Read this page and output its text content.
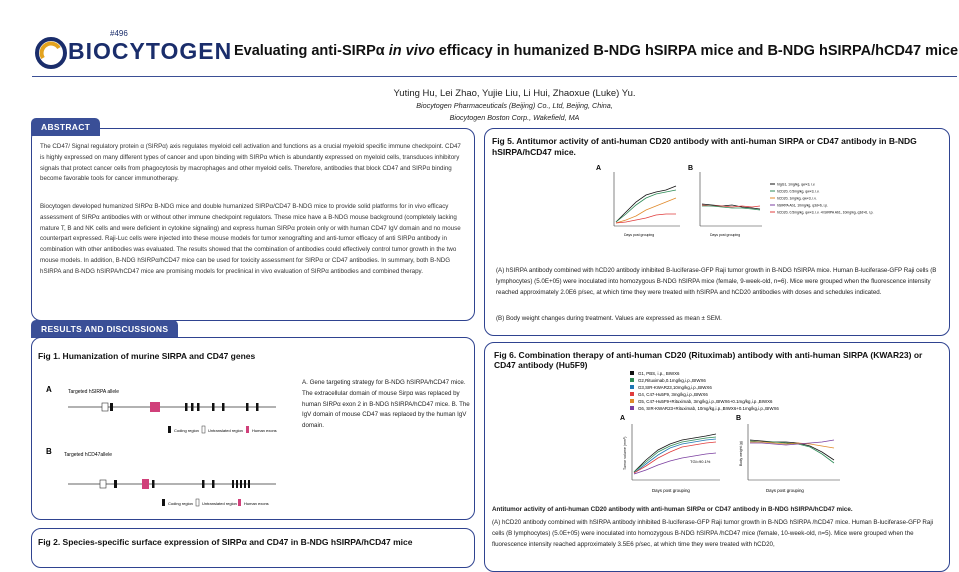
#496
BIOCYTOGEN Evaluating anti-SIRPα in vivo efficacy in humanized B-NDG hSIRPA mice and B-NDG hSIRPA/hCD47 mice
Yuting Hu, Lei Zhao, Yujie Liu, Li Hui, Zhaoxue (Luke) Yu.
Biocytogen Pharmaceuticals (Beijing) Co., Ltd, Beijing, China,
Biocytogen Boston Corp., Wakefield, MA
ABSTRACT
The CD47/ Signal regulatory protein α (SIRPα) axis regulates myeloid cell activation and functions as a crucial myeloid specific immune checkpoint. CD47 is highly expressed on many different types of cancer and upon binding with SIRPα which is abundantly expressed on myeloid cells, transduces inhibitory signals that protect cancer cells from phagocytosis by macrophages and other myeloid cells. Therefore, antibodies that block CD47 and SIRPα binding become favorable tools for cancer immunotherapy.
Biocytogen developed humanized SIRPα B-NDG mice and double humanized SIRPα/CD47 B-NDG mice to provide solid platforms for in vivo efficacy assessment of SIRPα antibodies with or without other immune checkpoint regulators. These mice have a B-NDG mouse background (completely lacking mature T, B and NK cells and were deficient in cytokine signaling) and express human SIRPα protein only or with human CD47 IgV domain and no mouse counterpart expressed. Raji-Luc cells were injected into these mouse models for tumor xenografting and anti-tumor efficacy of anti SIRPα antibody in combination with other antibodies was evaluated. The results showed that the combination of antibodies could effectively control tumor growth in the two mouse models. In addition, B-NDG hSIRPα/hCD47 mice can be used for toxicity assessment for SIRPα or CD47 antibodies. In summary, both B-NDG hSIRPA and B-NDG hSIRPA/hCD47 mice are promising models for preclinical in vivo evaluation of SIRPα antibodies and combined therapy.
RESULTS AND DISCUSSIONS
Fig 1. Humanization of murine SIRPA and CD47 genes
A	Targeted hSIRPA allele
Coding region Untranslated region Human exons
B Targeted hCD47allele
Coding region Untranslated region Human exons
A. Gene targeting strategy for B-NDG hSIRPA/hCD47 mice. The extracellular domain of mouse Sirpα was replaced by human SIRPα exon 2 in B-NDG hSIRPA/hCD47 mice. B. The IgV domain of mouse CD47 was replaced by the human IgV domain.
Fig 2. Species-specific surface expression of SIRPα and CD47 in B-NDG hSIRPA/hCD47 mice
Fig 5. Antitumor activity of anti-human CD20 antibody with anti-human SIRPA or CD47 antibody in B-NDG hSIRPA/hCD47 mice.
A
Days post grouping
B
Days post grouping
hIgG1, 1mg/kg, qw×3, i.v.
hCD20, 0.5mg/kg, qw×3, i.v.
hCD20, 1mg/kg, qw×3, i.v.
hSIRPA Ab1, 10mg/kg, q3d×6, i.p.
hCD20, 0.5mg/kg, qw×3, i.v. +hSIRPA Ab1, 10mg/kg, q3d×6, i.p.
(A) hSIRPA antibody combined with hCD20 antibody inhibited B-luciferase-GFP Raji tumor growth in B-NDG hSIRPA mice. Human B-luciferase-GFP Raji cells (B lymphocytes) (5.0E+05) were inoculated into homozygous B-NDG hSIRPA mice (female, 9-week-old, n=6). Mice were grouped when the fluorescence intensity reached approximately 2.0E6 p/sec, at which time they were treated with hSIRPA and hCD20 antibodies with doses and schedules indicated.
(B) Body weight changes during treatment. Values are expressed as mean ± SEM.
Fig 6. Combination therapy of anti-human CD20 (Rituximab) antibody with anti-human SIRPA (KWAR23) or CD47 antibody (Hu5F9)
G1, PBS, i.p., BIWX6
G2,Rituximab,0.1mg/kg,i.p.,BIWX6
G3,SIR-KWAR23,10mg/kg,i.p.,BIWX6
G4, C47-Hu5F9, 3mg/kg,i.p.,BIWX6
G5, C47-Hu5F9+Rituximab, 3mg/kg,i.p.,BIWX6+0.1mg/kg,i.p.,BIWX6
G6, SIR-KWAR23+Rituximab, 10mg/kg,i.p.,BIWX6+0.1mg/kg,i.p.,BIWX6
A
TGI=90.1%
Tumor volume (mm³)
Days post grouping
B
Body weight (g)
Days post grouping
Antitumor activity of anti-human CD20 antibody with anti-human SIRPα or CD47 antibody in B-NDG hSIRPA/hCD47 mice.
(A) hCD20 antibody combined with hSIRPA antibody inhibited B-luciferase-GFP Raji tumor growth in B-NDG hSIRPA /hCD47 mice. Human B-luciferase-GFP Raji cells (B lymphocytes) (5.0E+05) were inoculated into homozygous B-NDG hSIRPA /hCD47 mice (female, 10-week-old, n=5). Mice were grouped when the fluorescence intensity reached approximately 3.5E6 p/sec, at which time they were treated with hCD20,
